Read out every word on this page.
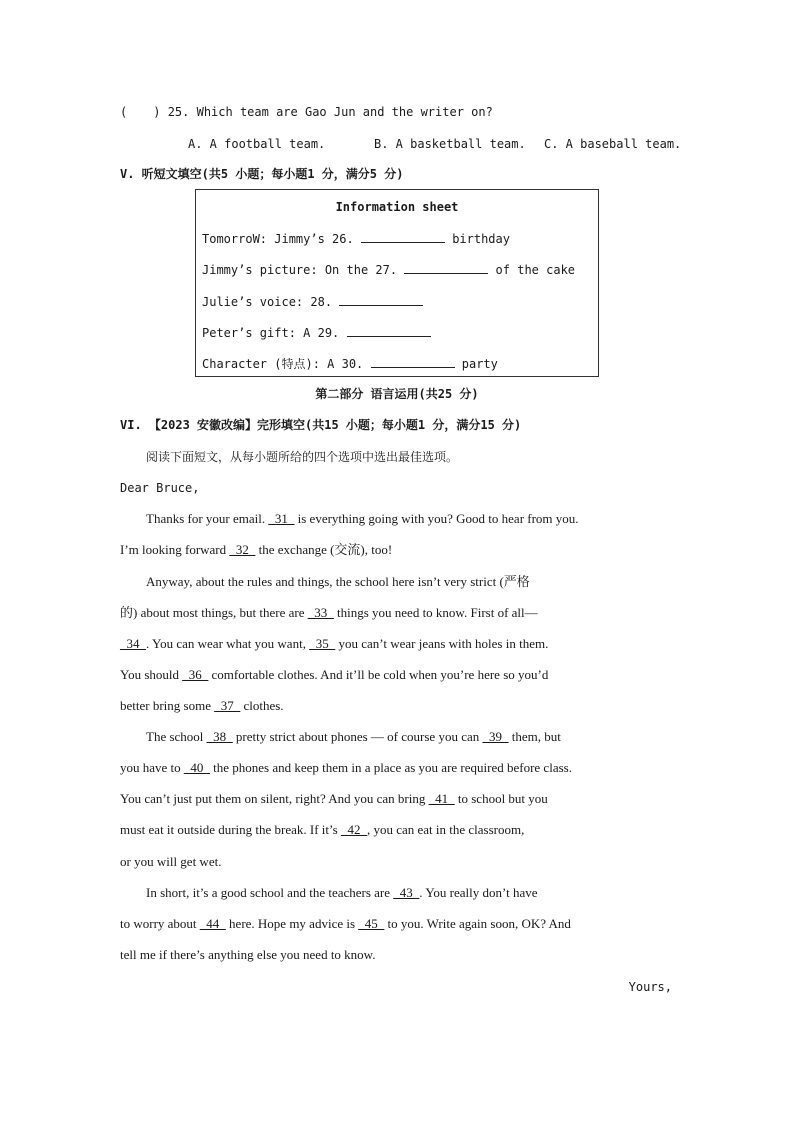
( ) 25. Which team are Gao Jun and the writer on?
A. A football team.	B. A basketball team. C. A baseball team.
V. 听短文填空(共5 小题；每小题1 分，满分5 分)
Information sheet
TomorroW: Jimmy’s 26.	birthday
Jimmy’s picture: On the 27.	of the cake
Julie’s voice: 28.
Peter’s gift: A 29.
Character (特点): A 30.	party
第二部分 语言运用(共25 分)
VI. 【2023 安徽改编】完形填空(共15 小题；每小题1 分，满分15 分)
阅读下面短文，从每小题所给的四个选项中选出最佳选项。
Dear Bruce,
Thanks for your email. _31_ is everything going with you? Good to hear from you.
I’m looking forward _32_ the exchange (交流), too!
Anyway, about the rules and things, the school here isn’t very strict (严格
的) about most things, but there are _33_ things you need to know. First of all—
_34_. You can wear what you want, _35_ you can’t wear jeans with holes in them.
You should _36_ comfortable clothes. And it’ll be cold when you’re here so you’d
better bring some _37_ clothes.
The school _38_ pretty strict about phones — of course you can _39_ them, but
you have to _40_ the phones and keep them in a place as you are required before class.
You can’t just put them on silent, right? And you can bring _41_ to school but you
must eat it outside during the break. If it’s _42_, you can eat in the classroom,
or you will get wet.
In short, it’s a good school and the teachers are _43_. You really don’t have
to worry about _44_ here. Hope my advice is _45_ to you. Write again soon, OK? And
tell me if there’s anything else you need to know.
Yours,
